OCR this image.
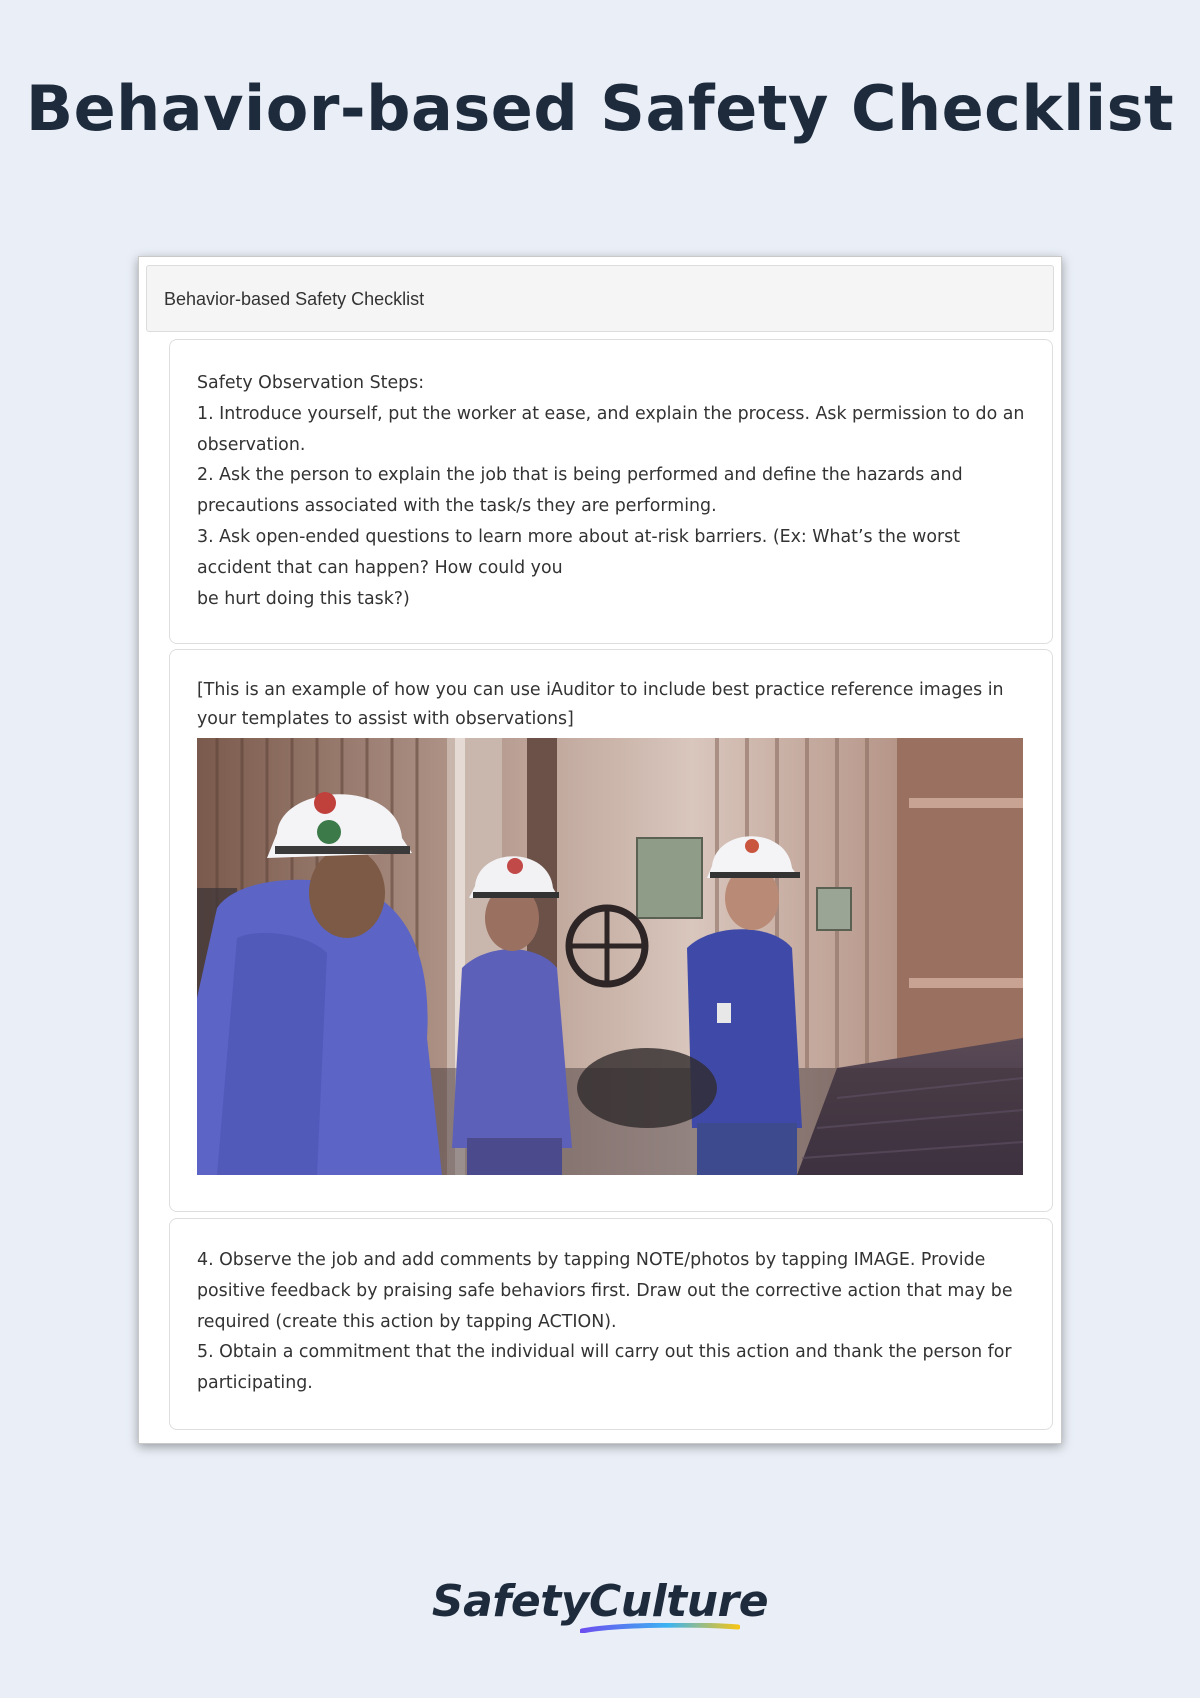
Behavior-based Safety Checklist
Behavior-based Safety Checklist
Safety Observation Steps:
1. Introduce yourself, put the worker at ease, and explain the process. Ask permission to do an
observation.
2. Ask the person to explain the job that is being performed and define the hazards and
precautions associated with the task/s they are performing.
3. Ask open-ended questions to learn more about at-risk barriers. (Ex: What’s the worst
accident that can happen? How could you
be hurt doing this task?)
[This is an example of how you can use iAuditor to include best practice reference images in
your templates to assist with observations]
4. Observe the job and add comments by tapping NOTE/photos by tapping IMAGE. Provide
positive feedback by praising safe behaviors first. Draw out the corrective action that may be
required (create this action by tapping ACTION).
5. Obtain a commitment that the individual will carry out this action and thank the person for
participating.
SafetyCulture
